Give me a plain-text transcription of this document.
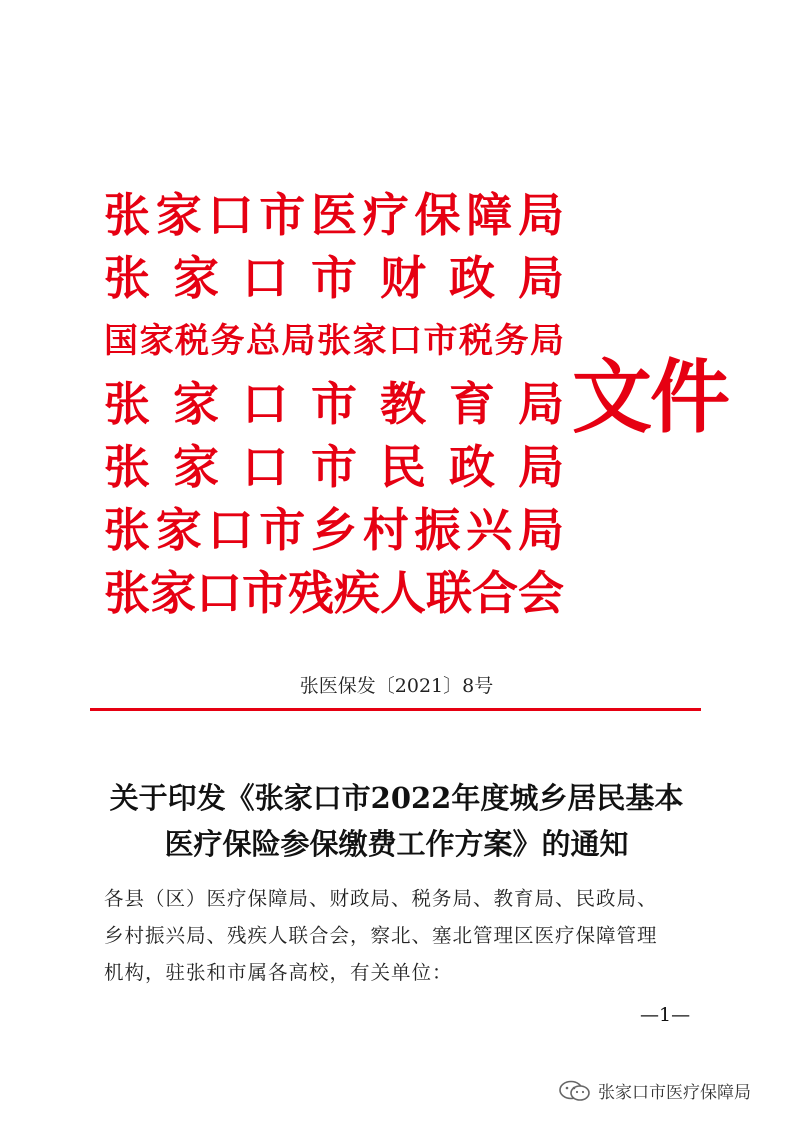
张 家 口 市 医 疗 保 障 局
张 家 口 市 财 政 局
国 家 税 务 总 局 张 家 口 市 税 务 局
张 家 口 市 教 育 局
张 家 口 市 民 政 局
张 家 口 市 乡 村 振 兴 局
张 家 口 市 残 疾 人 联 合 会
文件
张医保发〔2021〕8号
关于印发《张家口市2022年度城乡居民基本
医疗保险参保缴费工作方案》的通知
各县（区）医疗保障局、财政局、税务局、教育局、民政局、
乡村振兴局、残疾人联合会，察北、塞北管理区医疗保障管理
机构，驻张和市属各高校，有关单位：
—1—
张家口市医疗保障局
